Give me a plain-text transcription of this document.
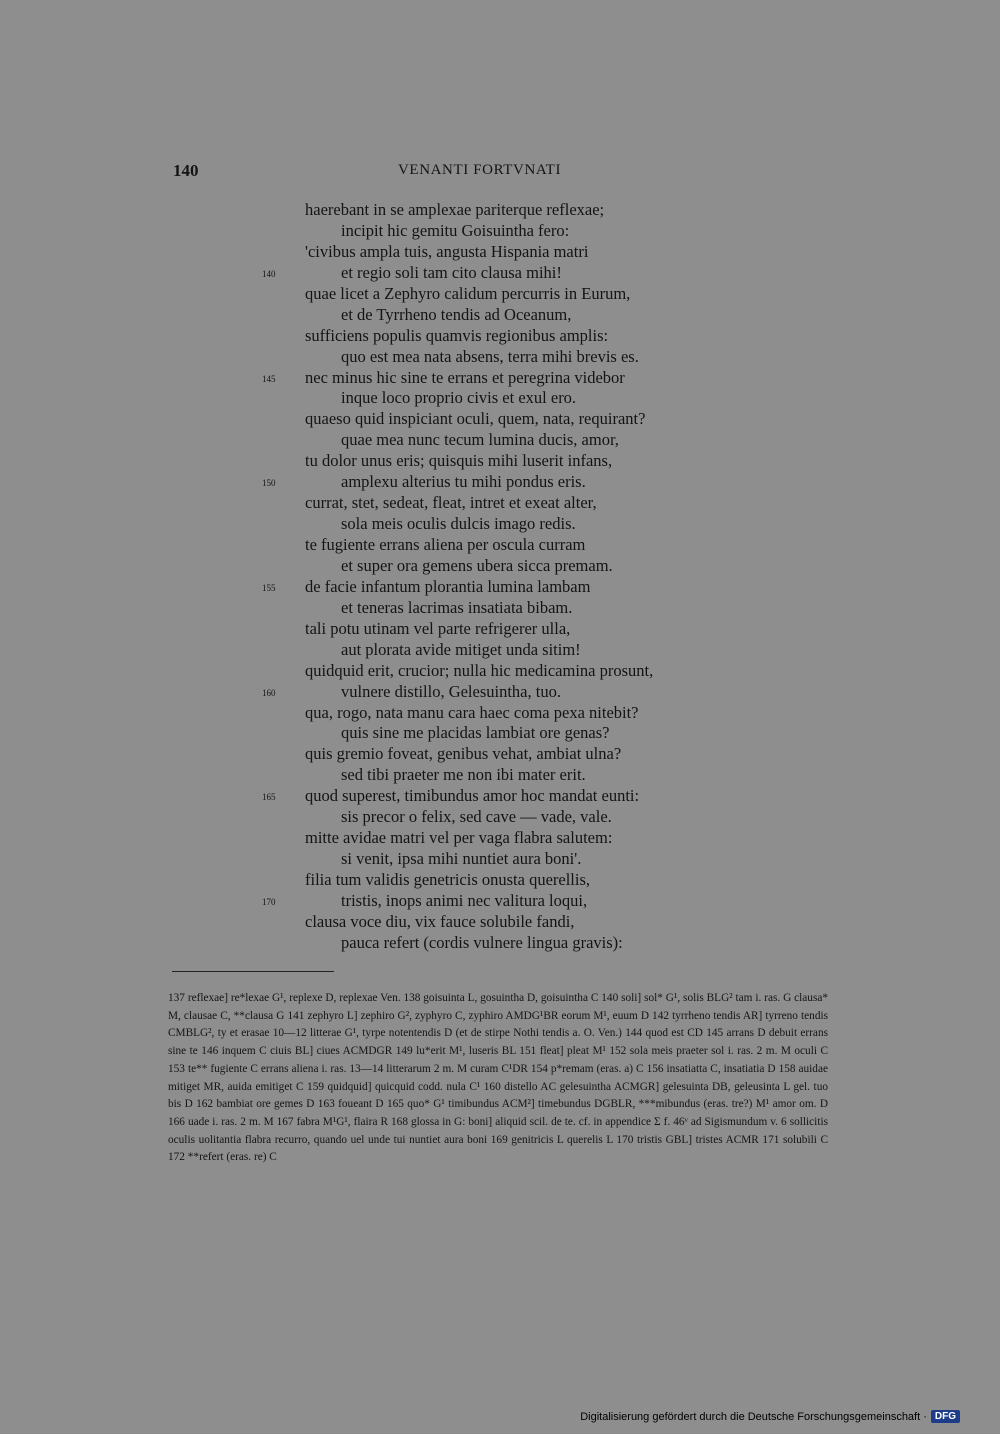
140	VENANTI FORTVNATI
haerebant in se amplexae pariterque reflexae;
incipit hic gemitu Goisuintha fero:
'civibus ampla tuis, angusta Hispania matri
140	et regio soli tam cito clausa mihi!
quae licet a Zephyro calidum percurris in Eurum,
et de Tyrrheno tendis ad Oceanum,
sufficiens populis quamvis regionibus amplis:
quo est mea nata absens, terra mihi brevis es.
145 nec minus hic sine te errans et peregrina videbor
inque loco proprio civis et exul ero.
quaeso quid inspiciant oculi, quem, nata, requirant?
quae mea nunc tecum lumina ducis, amor,
tu dolor unus eris; quisquis mihi luserit infans,
150	amplexu alterius tu mihi pondus eris.
currat, stet, sedeat, fleat, intret et exeat alter,
sola meis oculis dulcis imago redis.
te fugiente errans aliena per oscula curram
et super ora gemens ubera sicca premam.
155 de facie infantum plorantia lumina lambam
et teneras lacrimas insatiata bibam.
tali potu utinam vel parte refrigerer ulla,
aut plorata avide mitiget unda sitim!
quidquid erit, crucior; nulla hic medicamina prosunt,
160	vulnere distillo, Gelesuintha, tuo.
qua, rogo, nata manu cara haec coma pexa nitebit?
quis sine me placidas lambiat ore genas?
quis gremio foveat, genibus vehat, ambiat ulna?
sed tibi praeter me non ibi mater erit.
165 quod superest, timibundus amor hoc mandat eunti:
sis precor o felix, sed cave — vade, vale.
mitte avidae matri vel per vaga flabra salutem:
si venit, ipsa mihi nuntiet aura boni'.
filia tum validis genetricis onusta querellis,
170	tristis, inops animi nec valitura loqui,
clausa voce diu, vix fauce solubile fandi,
pauca refert (cordis vulnere lingua gravis):
137 reflexae] re*lexae G¹, replexe D, replexae Ven. 138 goisuinta L, gosuintha D, goisuintha C 140 soli] sol* G¹, solis BLG² tam i. ras. G clausa* M, clausae C, **clausa G 141 zephyro L] zephiro G², zyphyro C, zyphiro AMDG¹BR eorum M¹, euum D 142 tyrrheno tendis AR] tyrreno tendis CMBLG², ty et erasae 10—12 litterae G¹, tyrpe notentendis D (et de stirpe Nothi tendis a. O. Ven.) 144 quod est CD 145 arrans D debuit errans sine te 146 inquem C ciuis BL] ciues ACMDGR 149 lu*erit M¹, luseris BL 151 fleat] pleat M¹ 152 sola meis praeter sol i. ras. 2 m. M oculi C 153 te** fugiente C errans aliena i. ras. 13—14 litterarum 2 m. M curam C¹DR 154 p*remam (eras. a) C 156 insatiatta C, insatiatia D 158 auidae mitiget MR, auida emitiget C 159 quidquid] quicquid codd. nula C¹ 160 distello AC gelesuintha ACMGR] gelesuinta DB, geleusinta L gel. tuo bis D 162 bambiat ore gemes D 163 foueant D 165 quo* G¹ timibundus ACM²] timebundus DGBLR, ***mibundus (eras. tre?) M¹ amor om. D 166 uade i. ras. 2 m. M 167 fabra M¹G¹, flaira R 168 glossa in G: boni] aliquid scil. de te. cf. in appendice Σ f. 46ᵛ ad Sigismundum v. 6 sollicitis oculis uolitantia flabra recurro, quando uel unde tui nuntiet aura boni 169 genitricis L querelis L 170 tristis GBL] tristes ACMR 171 solubili C 172 **refert (eras. re) C
Digitalisierung gefördert durch die Deutsche Forschungsgemeinschaft · DFG
